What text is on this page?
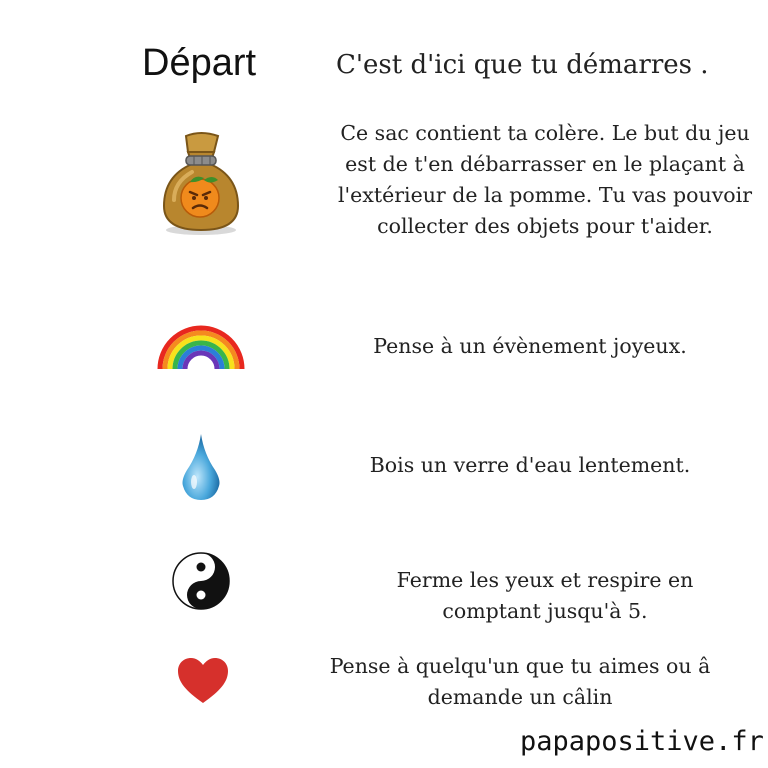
Départ	C'est d'ici que tu démarres .
Ce sac contient ta colère. Le but du jeu est de t'en débarrasser en le plaçant à l'extérieur de la pomme. Tu vas pouvoir collecter des objets pour t'aider.
Pense à un évènement joyeux.
Bois un verre d'eau lentement.
Ferme les yeux et respire en comptant jusqu'à 5.
Pense à quelqu'un que tu aimes ou â demande un câlin
papapositive.fr
